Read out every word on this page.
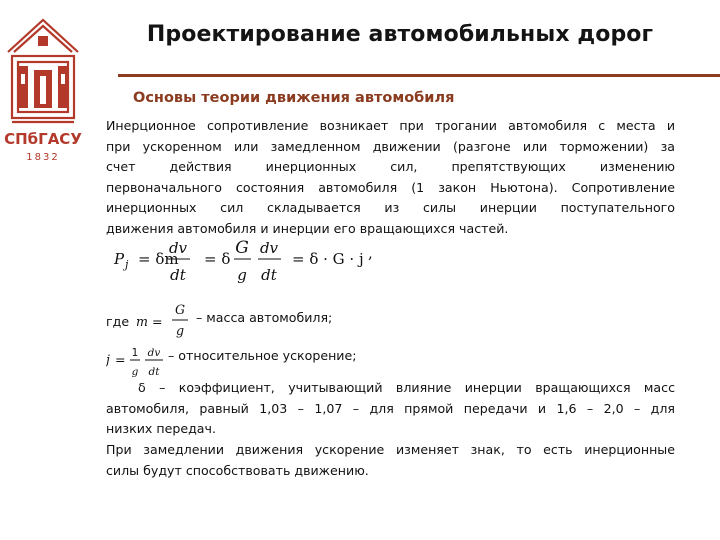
СПбГАСУ
1832
Проектирование автомобильных дорог
Основы теории движения автомобиля
Инерционное сопротивление возникает при трогании автомобиля с места и
при ускоренном или замедленном движении (разгоне или торможении) за
счет действия инерционных сил, препятствующих изменению
первоначального состояния автомобиля (1 закон Ньютона). Сопротивление
инерционных сил складывается из силы инерции поступательного
движения автомобиля и инерции его вращающихся частей.
P j = δm
dv
dt
= δ
G
g
dv
dt
= δ · G · j ,
где m =
G
g
– масса автомобиля;
j = 1
g
dv
dt
– относительное ускорение;
δ – коэффициент, учитывающий влияние инерции вращающихся масс
автомобиля, равный 1,03 – 1,07 – для прямой передачи и 1,6 – 2,0 – для
низких передач.
При замедлении движения ускорение изменяет знак, то есть инерционные
силы будут способствовать движению.
